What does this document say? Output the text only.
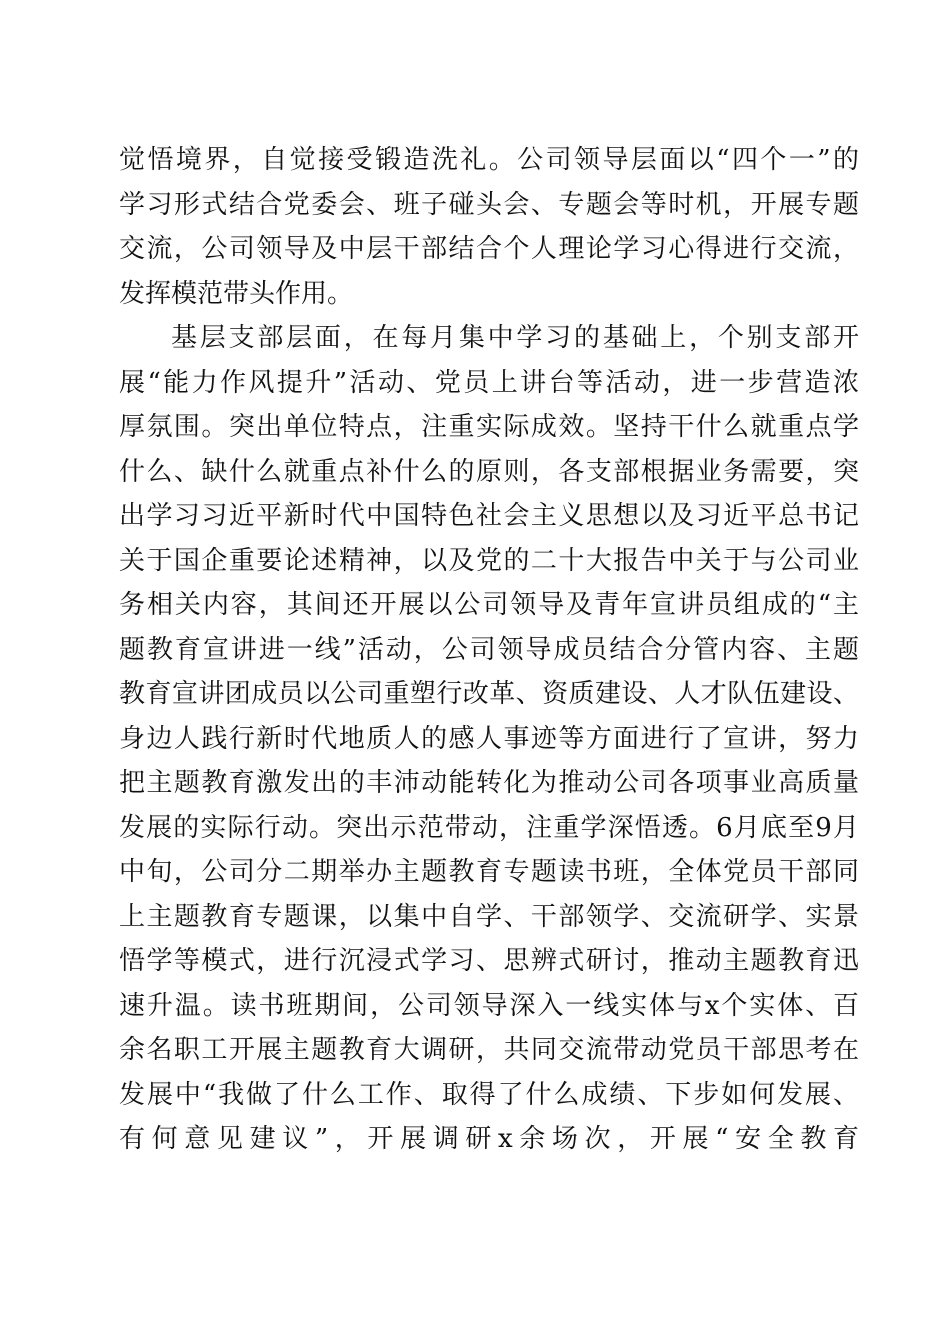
觉悟境界，自觉接受锻造洗礼。公司领导层面以“四个一”的
学习形式结合党委会、班子碰头会、专题会等时机，开展专题
交流，公司领导及中层干部结合个人理论学习心得进行交流，
发挥模范带头作用。
基层支部层面，在每月集中学习的基础上，个别支部开
展“能力作风提升”活动、党员上讲台等活动，进一步营造浓
厚氛围。突出单位特点，注重实际成效。坚持干什么就重点学
什么、缺什么就重点补什么的原则，各支部根据业务需要，突
出学习习近平新时代中国特色社会主义思想以及习近平总书记
关于国企重要论述精神，以及党的二十大报告中关于与公司业
务相关内容，其间还开展以公司领导及青年宣讲员组成的“主
题教育宣讲进一线”活动，公司领导成员结合分管内容、主题
教育宣讲团成员以公司重塑行改革、资质建设、人才队伍建设、
身边人践行新时代地质人的感人事迹等方面进行了宣讲，努力
把主题教育激发出的丰沛动能转化为推动公司各项事业高质量
发展的实际行动。突出示范带动，注重学深悟透。6月底至9月
中旬，公司分二期举办主题教育专题读书班，全体党员干部同
上主题教育专题课，以集中自学、干部领学、交流研学、实景
悟学等模式，进行沉浸式学习、思辨式研讨，推动主题教育迅
速升温。读书班期间，公司领导深入一线实体与x个实体、百
余名职工开展主题教育大调研，共同交流带动党员干部思考在
发展中“我做了什么工作、取得了什么成绩、下步如何发展、
有何意见建议”，开展调研x余场次，开展“安全教育
